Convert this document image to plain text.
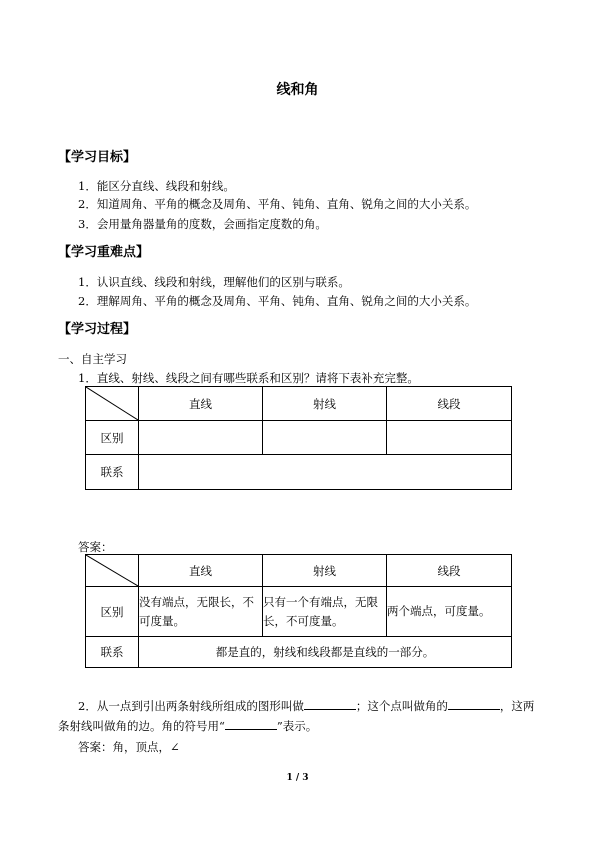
线和角
【学习目标】
1．能区分直线、线段和射线。
2．知道周角、平角的概念及周角、平角、钝角、直角、锐角之间的大小关系。
3．会用量角器量角的度数，会画指定度数的角。
【学习重难点】
1．认识直线、线段和射线，理解他们的区别与联系。
2．理解周角、平角的概念及周角、平角、钝角、直角、锐角之间的大小关系。
【学习过程】
一、自主学习
1．直线、射线、线段之间有哪些联系和区别？请将下表补充完整。
	直线	射线	线段
区别			
联系			
答案：
	直线	射线	线段
区别	没有端点，无限长，不可度量。	只有一个有端点，无限长，不可度量。	两个端点，可度量。
联系	都是直的，射线和线段都是直线的一部分。		
2．从一点到引出两条射线所组成的图形叫做	；这个点叫做角的	，这两
条射线叫做角的边。角的符号用“	”表示。
答案：角，顶点，∠
1 / 3
